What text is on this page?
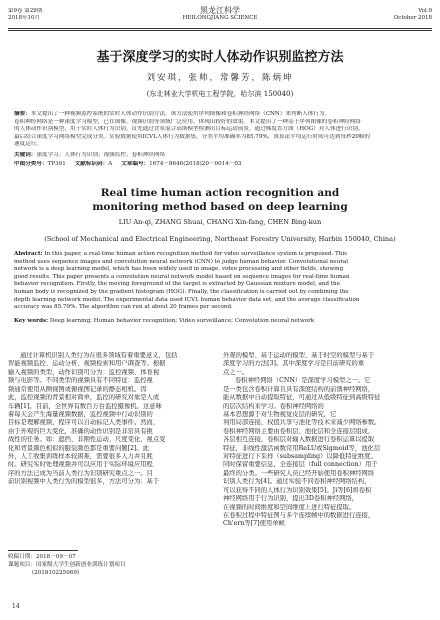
第9卷 第29期
2018年10月
黑龙江科学
HEILONGJIANG SCIENCE
Vol.9
October 2018
基于深度学习的实时人体动作识别监控方法
刘安琪，张帅，常馨芳，陈炳坤
(东北林业大学机电工程学院，哈尔滨 150040)
摘要：本文提出了一种视频监控系统的实时人体动作识别方法。该方法使用序列图像和卷积神经网络（CNN）来判断人体行为。
卷积神经网络是一种深度学习模型，已在图像、视频识别等领域广泛应用，体现出较好的效果。本文提出了一种基于序列图像的卷积神经网络
的人体动作识别模型，用于实时人体行为识别。首先通过背景混合高斯模型检测出目标运动前景，通过梯度直方图（HOG）对人体进行识别。
最后结合深度学习网络模型完成分类。实验数据使用ICVL人体行为数据集，分类平均准确率为85.79%，该算法平均运行时间可达到每秒20帧的
速度运行。
关键词：深度学习；人体行为识别；视频监控；卷积神经网络
中图分类号：TP391 文献标识码：A 文章编号：1674－8646(2018)20－0014－03
Real time human action recognition and monitoring method based on deep learning
LIU An-qi, ZHANG Shuai, CHANG Xin-fang, CHEN Bing-kun
(School of Mechanical and Electrical Engineering, Northeast Forestry University, Harbin 150040, China)
Abstract: In this paper, a real-time human action recognition method for video surveillance system is proposed. This
method uses sequence images and convolution neural network (CNN) to judge human behavior. Convolutional neural
network is a deep learning model, which has been widely used in image, video processing and other fields, showing
good results. This paper presents a convolution neural network model based on sequence images for real-time human
behavior recognition. Firstly, the moving foreground of the target is extracted by Gaussian mixture model, and the
human body is recognized by the gradient histogram (HOG). Finally, the classification is carried out by combining the
depth learning network model. The experimental data used ICVL human behavior data set, and the average classification
accuracy was 85.79%. The algorithm can run at about 20 frames per second.
Key words: Deep learning; Human behavior recognition; Video surveillance; Convolution neural network

通过计算机识别人类行为在很多领域有着重要意义，包括

智能视频监控、运动分析、视频检索和用户调查等。根据
输入视频的类型，动作识别可分为：监控视频、体育视
频与电影等。不同类型的视频具有不同特征：监控视
频通常使用从侧视图或俯视图记录的静态相机。因
此，监控视频的背景相对简单，监控的研究对象是人或
车辆[1]。目前，全世界有数百万台监控摄像机。这意味
着每天会产生海量视频数据，监控视频中行动识别的
目标是理解视频，程序可以自动标记人类事件。然而，
由于外观的巨大变化，准确的动作识别是非常具有挑
战性的任务。如：遮挡、非刚性运动、尺度变化、视点变
化和背景颜色相似的服装颜色都是重要问题[2]。此
外，人工收集训练样本较困难，需要很多人力并且耗
时。研究实时处理视频并可以应用于实际环境应用程
序的方法已成为当前人类行为识别研究重点之一。目
前识别视频中人类行为的模型很多，方法可分为：基于
外观的模型、基于运动的模型、基于时空的模型与基于
深度学习的方法[3]。其中深度学习是目前研究的重
点之一。
卷积神经网络（CNN）是深度学习模型之一。它
是一类包含卷积计算且具有深度结构的前馈神经网络，
能从数据中自动提取特征，可通过从低级特征到高级特征
的层次结构来学习。卷积神经网络的
基本思想源于对生物视觉皮层的研究，它
利用局部连接、权值共享与池化等技术来减少网络参数。
卷积神经网络主要由卷积层、池化层和全连接层组成，
各层相互连接，卷积层对输入数据进行卷积运算以提取
特征，非线性激活函数常用ReLU或Sigmoid等，池化层
对特征进行下采样（subsampling）以降低特征维度。
同时保留重要信息，全连接层（full connection）用于
最终的分类。一些研究人员已经开始使用卷积神经网络
识别人类行为[4]。通过实验不同卷积神经网络结构，
可以获得不同的人体行为识别效果[5]。Ji等[6]将卷积
神经网络用于行为识别，提出3D卷积神经网络，
在视频的时间维度和空间维度上进行特征提取。
在卷积过程中特征图与多个连续帧中的数据进行连接，
Ch'ern等[7]使用单帧
收稿日期：2018－09－07
课题项目：国家级大学生创新创业训练计划项目
(201810225069)
14
